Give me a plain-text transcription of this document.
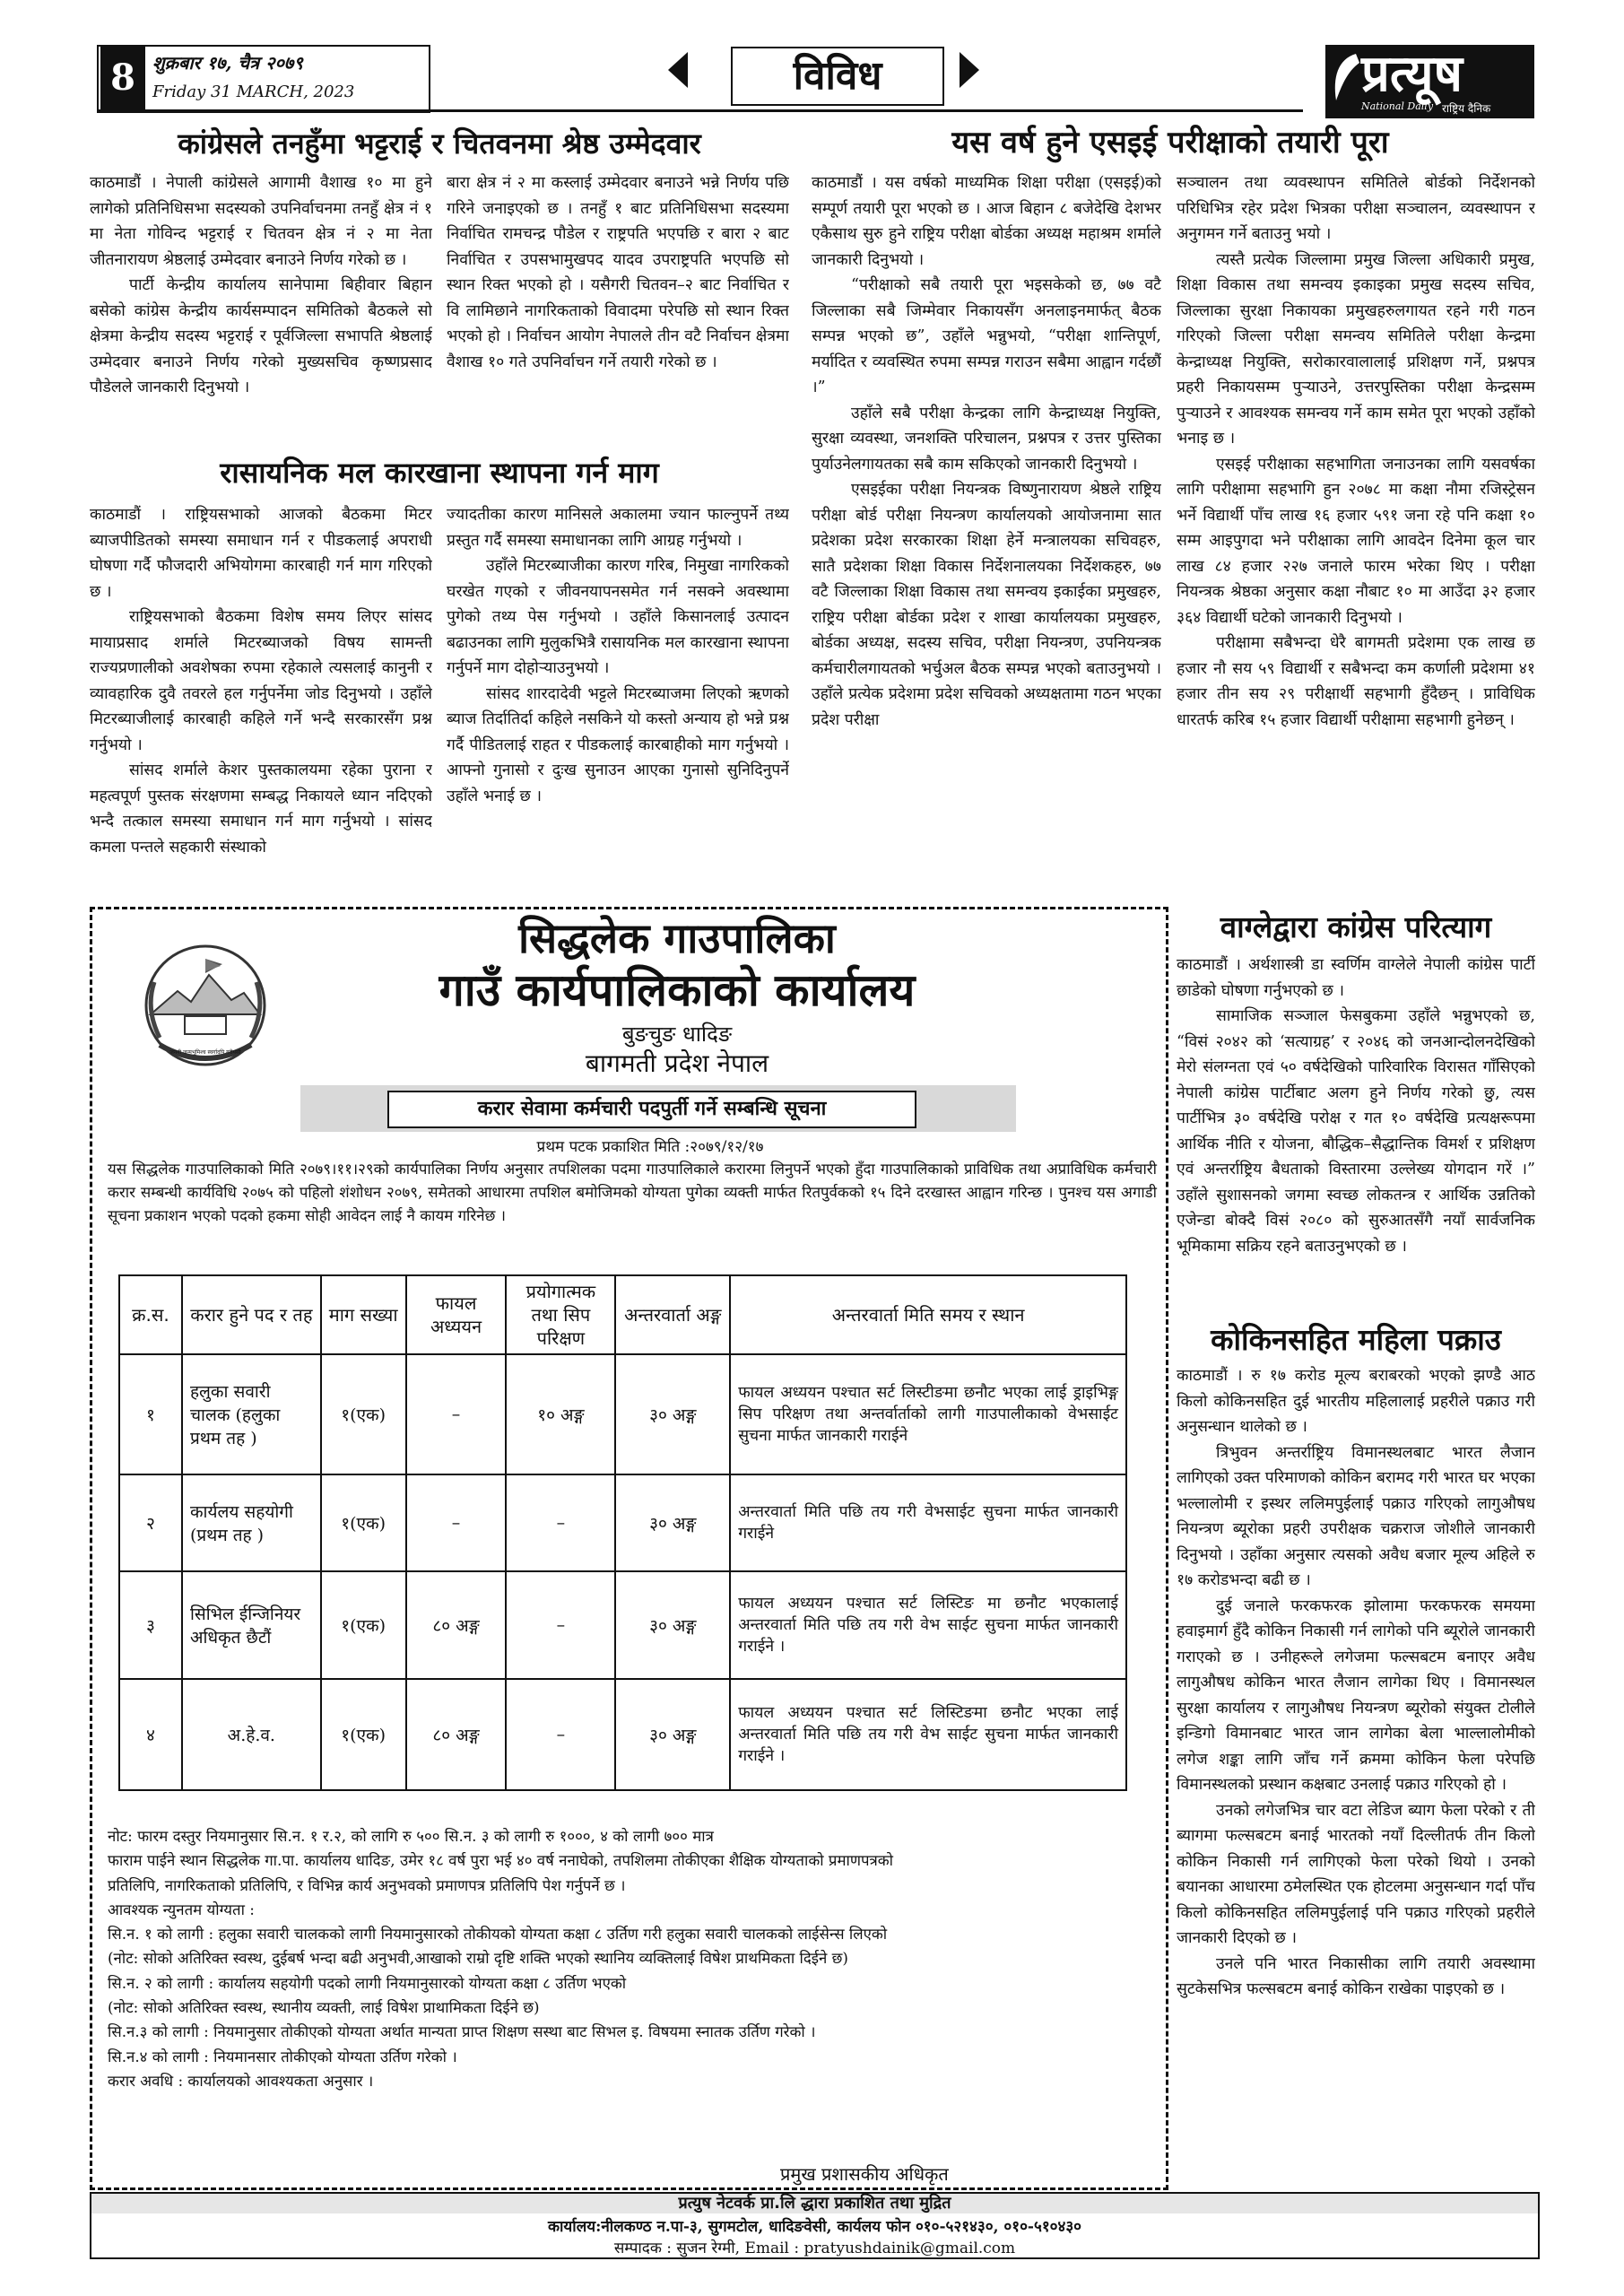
8 शुक्रबार १७, चैत्र २०७९
Friday 31 MARCH, 2023	विविध	प्रत्यूष
National Daily राष्ट्रिय दैनिक
कांग्रेसले तनहुँमा भट्टराई र चितवनमा श्रेष्ठ उम्मेदवार

काठमाडौं । नेपाली कांग्रेसले आगामी वैशाख १० मा हुने लागेको प्रतिनिधिसभा सदस्यको उपनिर्वाचनमा तनहुँ क्षेत्र नं १ मा नेता गोविन्द भट्टराई र चितवन क्षेत्र नं २ मा नेता जीतनारायण श्रेष्ठलाई उम्मेदवार बनाउने निर्णय गरेको छ ।

पार्टी केन्द्रीय कार्यालय सानेपामा बिहीवार बिहान बसेको कांग्रेस केन्द्रीय कार्यसम्पादन समितिको बैठकले सो क्षेत्रमा केन्द्रीय सदस्य भट्टराई र पूर्वजिल्ला सभापति श्रेष्ठलाई उम्मेदवार बनाउने निर्णय गरेको मुख्यसचिव कृष्णप्रसाद पौडेलले जानकारी दिनुभयो ।

बारा क्षेत्र नं २ मा कस्लाई उम्मेदवार बनाउने भन्ने निर्णय पछि गरिने जनाइएको छ । तनहुँ १ बाट प्रतिनिधिसभा सदस्यमा निर्वाचित रामचन्द्र पौडेल र राष्ट्रपति भएपछि र बारा २ बाट निर्वाचित र उपसभामुखपद यादव उपराष्ट्रपति भएपछि सो स्थान रिक्त भएको हो । यसैगरी चितवन–२ बाट निर्वाचित र वि लामिछाने नागरिकताको विवादमा परेपछि सो स्थान रिक्त भएको हो । निर्वाचन आयोग नेपालले तीन वटै निर्वाचन क्षेत्रमा वैशाख १० गते उपनिर्वाचन गर्ने तयारी गरेको छ ।

रासायनिक मल कारखाना स्थापना गर्न माग

काठमाडौं । राष्ट्रियसभाको आजको बैठकमा मिटर ब्याजपीडितको समस्या समाधान गर्न र पीडकलाई अपराधी घोषणा गर्दै फौजदारी अभियोगमा कारबाही गर्न माग गरिएको छ ।

राष्ट्रियसभाको बैठकमा विशेष समय लिएर सांसद मायाप्रसाद शर्माले मिटरब्याजको विषय सामन्ती राज्यप्रणालीको अवशेषका रुपमा रहेकाले त्यसलाई कानुनी र व्यावहारिक दुवै तवरले हल गर्नुपर्नेमा जोड दिनुभयो । उहाँले मिटरब्याजीलाई कारबाही कहिले गर्ने भन्दै सरकारसँग प्रश्न गर्नुभयो ।

सांसद शर्माले केशर पुस्तकालयमा रहेका पुराना र महत्वपूर्ण पुस्तक संरक्षणमा सम्बद्ध निकायले ध्यान नदिएको भन्दै तत्काल समस्या समाधान गर्न माग गर्नुभयो । सांसद कमला पन्तले सहकारी संस्थाको

ज्यादतीका कारण मानिसले अकालमा ज्यान फाल्नुपर्ने तथ्य प्रस्तुत गर्दै समस्या समाधानका लागि आग्रह गर्नुभयो ।

उहाँले मिटरब्याजीका कारण गरिब, निमुखा नागरिकको घरखेत गएको र जीवनयापनसमेत गर्न नसक्ने अवस्थामा पुगेको तथ्य पेस गर्नुभयो । उहाँले किसानलाई उत्पादन बढाउनका लागि मुलुकभित्रै रासायनिक मल कारखाना स्थापना गर्नुपर्ने माग दोहोर्‍याउनुभयो ।

सांसद शारदादेवी भट्टले मिटरब्याजमा लिएको ऋणको ब्याज तिर्दातिर्दा कहिले नसकिने यो कस्तो अन्याय हो भन्ने प्रश्न गर्दै पीडितलाई राहत र पीडकलाई कारबाहीको माग गर्नुभयो । आफ्नो गुनासो र दुःख सुनाउन आएका गुनासो सुनिदिनुपर्ने उहाँले भनाई छ ।

यस वर्ष हुने एसइई परीक्षाको तयारी पूरा

काठमाडौं । यस वर्षको माध्यमिक शिक्षा परीक्षा (एसइई)को सम्पूर्ण तयारी पूरा भएको छ । आज बिहान ८ बजेदेखि देशभर एकैसाथ सुरु हुने राष्ट्रिय परीक्षा बोर्डका अध्यक्ष महाश्रम शर्माले जानकारी दिनुभयो ।

“परीक्षाको सबै तयारी पूरा भइसकेको छ, ७७ वटै जिल्लाका सबै जिम्मेवार निकायसँग अनलाइनमार्फत् बैठक सम्पन्न भएको छ”, उहाँले भन्नुभयो, “परीक्षा शान्तिपूर्ण, मर्यादित र व्यवस्थित रुपमा सम्पन्न गराउन सबैमा आह्वान गर्दछौं ।”

उहाँले सबै परीक्षा केन्द्रका लागि केन्द्राध्यक्ष नियुक्ति, सुरक्षा व्यवस्था, जनशक्ति परिचालन, प्रश्नपत्र र उत्तर पुस्तिका पुर्याउनेलगायतका सबै काम सकिएको जानकारी दिनुभयो ।

एसइईका परीक्षा नियन्त्रक विष्णुनारायण श्रेष्ठले राष्ट्रिय परीक्षा बोर्ड परीक्षा नियन्त्रण कार्यालयको आयोजनामा सात प्रदेशका प्रदेश सरकारका शिक्षा हेर्ने मन्त्रालयका सचिवहरु, सातै प्रदेशका शिक्षा विकास निर्देशनालयका निर्देशकहरु, ७७ वटै जिल्लाका शिक्षा विकास तथा समन्वय इकाईका प्रमुखहरु, राष्ट्रिय परीक्षा बोर्डका प्रदेश र शाखा कार्यालयका प्रमुखहरु, बोर्डका अध्यक्ष, सदस्य सचिव, परीक्षा नियन्त्रण, उपनियन्त्रक कर्मचारीलगायतको भर्चुअल बैठक सम्पन्न भएको बताउनुभयो । उहाँले प्रत्येक प्रदेशमा प्रदेश सचिवको अध्यक्षतामा गठन भएका प्रदेश परीक्षा

सञ्चालन तथा व्यवस्थापन समितिले बोर्डको निर्देशनको परिधिभित्र रहेर प्रदेश भित्रका परीक्षा सञ्चालन, व्यवस्थापन र अनुगमन गर्ने बताउनु भयो ।

त्यस्तै प्रत्येक जिल्लामा प्रमुख जिल्ला अधिकारी प्रमुख, शिक्षा विकास तथा समन्वय इकाइका प्रमुख सदस्य सचिव, जिल्लाका सुरक्षा निकायका प्रमुखहरुलगायत रहने गरी गठन गरिएको जिल्ला परीक्षा समन्वय समितिले परीक्षा केन्द्रमा केन्द्राध्यक्ष नियुक्ति, सरोकारवालालाई प्रशिक्षण गर्ने, प्रश्नपत्र प्रहरी निकायसम्म पुऱ्याउने, उत्तरपुस्तिका परीक्षा केन्द्रसम्म पुऱ्याउने र आवश्यक समन्वय गर्ने काम समेत पूरा भएको उहाँको भनाइ छ ।

एसइई परीक्षाका सहभागिता जनाउनका लागि यसवर्षका लागि परीक्षामा सहभागि हुन २०७८ मा कक्षा नौमा रजिस्ट्रेसन भर्ने विद्यार्थी पाँच लाख १६ हजार ५९१ जना रहे पनि कक्षा १० सम्म आइपुगदा भने परीक्षाका लागि आवदेन दिनेमा कूल चार लाख ८४ हजार २२७ जनाले फारम भरेका थिए । परीक्षा नियन्त्रक श्रेष्ठका अनुसार कक्षा नौबाट १० मा आउँदा ३२ हजार ३६४ विद्यार्थी घटेको जानकारी दिनुभयो ।

परीक्षामा सबैभन्दा धेरै बागमती प्रदेशमा एक लाख छ हजार नौ सय ५९ विद्यार्थी र सबैभन्दा कम कर्णाली प्रदेशमा ४१ हजार तीन सय २९ परीक्षार्थी सहभागी हुँदैछन् । प्राविधिक धारतर्फ करिब १५ हजार विद्यार्थी परीक्षामा सहभागी हुनेछन् ।

वाग्लेद्वारा कांग्रेस परित्याग

काठमाडौं । अर्थशास्त्री डा स्वर्णिम वाग्लेले नेपाली कांग्रेस पार्टी छाडेको घोषणा गर्नुभएको छ ।

सामाजिक सञ्जाल फेसबुकमा उहाँले भन्नुभएको छ, “विसं २०४२ को ‘सत्याग्रह’ र २०४६ को जनआन्दोलनदेखिको मेरो संलग्नता एवं ५० वर्षदेखिको पारिवारिक विरासत गाँसिएको नेपाली कांग्रेस पार्टीबाट अलग हुने निर्णय गरेको छु, त्यस पार्टीभित्र ३० वर्षदेखि परोक्ष र गत १० वर्षदेखि प्रत्यक्षरूपमा आर्थिक नीति र योजना, बौद्धिक–सैद्धान्तिक विमर्श र प्रशिक्षण एवं अन्तर्राष्ट्रिय बैधताको विस्तारमा उल्लेख्य योगदान गरें ।” उहाँले सुशासनको जगमा स्वच्छ लोकतन्त्र र आर्थिक उन्नतिको एजेन्डा बोक्दै विसं २०८० को सुरुआतसँगै नयाँ सार्वजनिक भूमिकामा सक्रिय रहने बताउनुभएको छ ।

कोकिनसहित महिला पक्राउ

काठमाडौं । रु १७ करोड मूल्य बराबरको भएको झण्डै आठ किलो कोकिनसहित दुई भारतीय महिलालाई प्रहरीले पक्राउ गरी अनुसन्धान थालेको छ ।

त्रिभुवन अन्तर्राष्ट्रिय विमानस्थलबाट भारत लैजान लागिएको उक्त परिमाणको कोकिन बरामद गरी भारत घर भएका भल्लालोमी र इस्थर ललिमपुईलाई पक्राउ गरिएको लागुऔषध नियन्त्रण ब्यूरोका प्रहरी उपरीक्षक चक्रराज जोशीले जानकारी दिनुभयो । उहाँका अनुसार त्यसको अवैध बजार मूल्य अहिले रु १७ करोडभन्दा बढी छ ।

दुई जनाले फरकफरक झोलामा फरकफरक समयमा हवाइमार्ग हुँदै कोकिन निकासी गर्न लागेको पनि ब्यूरोले जानकारी गराएको छ । उनीहरूले लगेजमा फल्सबटम बनाएर अवैध लागुऔषध कोकिन भारत लैजान लागेका थिए । विमानस्थल सुरक्षा कार्यालय र लागुऔषध नियन्त्रण ब्यूरोको संयुक्त टोलीले इन्डिगो विमानबाट भारत जान लागेका बेला भाल्लालोमीको लगेज शङ्का लागि जाँच गर्ने क्रममा कोकिन फेला परेपछि विमानस्थलको प्रस्थान कक्षबाट उनलाई पक्राउ गरिएको हो ।

उनको लगेजभित्र चार वटा लेडिज ब्याग फेला परेको र ती ब्यागमा फल्सबटम बनाई भारतको नयाँ दिल्लीतर्फ तीन किलो कोकिन निकासी गर्न लागिएको फेला परेको थियो । उनको बयानका आधारमा ठमेलस्थित एक होटलमा अनुसन्धान गर्दा पाँच किलो कोकिनसहित ललिमपुईलाई पनि पक्राउ गरिएको प्रहरीले जानकारी दिएको छ ।

उनले पनि भारत निकासीका लागि तयारी अवस्थामा सुटकेसभित्र फल्सबटम बनाई कोकिन राखेका पाइएको छ ।

जननी जन्मभूमिश्च स्वर्गादपि गरीयसी
सिद्धलेक गाउपालिका
गाउँ कार्यपालिकाको कार्यालय
बुङचुङ धादिङ
बागमती प्रदेश नेपाल
करार सेवामा कर्मचारी पदपुर्ती गर्ने सम्बन्धि सूचना
प्रथम पटक प्रकाशित मिति :२०७९/१२/१७
यस सिद्धलेक गाउपालिकाको मिति २०७९।११।२९को कार्यपालिका निर्णय अनुसार तपशिलका पदमा गाउपालिकाले करारमा लिनुपर्ने भएको हुँदा गाउपालिकाको प्राविधिक तथा अप्राविधिक कर्मचारी करार सम्बन्धी कार्यविधि २०७५ को पहिलो शंशोधन २०७९, समेतको आधारमा तपशिल बमोजिमको योग्यता पुगेका व्यक्ती मार्फत रितपुर्वकको १५ दिने दरखास्त आह्वान गरिन्छ । पुनश्च यस अगाडी सूचना प्रकाशन भएको पदको हकमा सोही आवेदन लाई नै कायम गरिनेछ ।
क्र.स.	करार हुने पद र तह	माग सख्या	फायल अध्ययन	प्रयोगात्मक तथा सिप परिक्षण	अन्तरवार्ता अङ्ग	अन्तरवार्ता मिति समय र स्थान
१	हलुका सवारी चालक (हलुका प्रथम तह )	१(एक)	–	१० अङ्ग	३० अङ्ग	फायल अध्ययन पश्चात सर्ट लिस्टीङमा छनौट भएका लाई ड्राइभिङ्ग सिप परिक्षण तथा अन्तर्वार्ताको लागी गाउपालीकाको वेभसाईट सुचना मार्फत जानकारी गराईने
२	कार्यलय सहयोगी (प्रथम तह )	१(एक)	–	–	३० अङ्ग	अन्तरवार्ता मिति पछि तय गरी वेभसाईट सुचना मार्फत जानकारी गराईने
३	सिभिल ईन्जिनियर अधिकृत छैटौं	१(एक)	८० अङ्ग	–	३० अङ्ग	फायल अध्ययन पश्चात सर्ट लिस्टिङ मा छनौट भएकालाई अन्तरवार्ता मिति पछि तय गरी वेभ साईट सुचना मार्फत जानकारी गराईने ।
४	अ.हे.व.	१(एक)	८० अङ्ग	–	३० अङ्ग	फायल अध्ययन पश्चात सर्ट लिस्टिङमा छनौट भएका लाई अन्तरवार्ता मिति पछि तय गरी वेभ साईट सुचना मार्फत जानकारी गराईने ।
नोट: फारम दस्तुर नियमानुसार सि.न. १ र.२, को लागि रु ५०० सि.न. ३ को लागी रु १०००, ४ को लागी ७०० मात्र
फाराम पाईने स्थान सिद्धलेक गा.पा. कार्यालय धादिङ, उमेर १८ वर्ष पुरा भई ४० वर्ष ननाघेको, तपशिलमा तोकीएका शैक्षिक योग्यताको प्रमाणपत्रको
प्रतिलिपि, नागरिकताको प्रतिलिपि, र विभिन्न कार्य अनुभवको प्रमाणपत्र प्रतिलिपि पेश गर्नुपर्ने छ ।
आवश्यक न्युनतम योग्यता :
सि.न. १ को लागी : हलुका सवारी चालकको लागी नियमानुसारको तोकीयको योग्यता कक्षा ८ उर्तिण गरी हलुका सवारी चालकको लाईसेन्स लिएको
(नोट: सोको अतिरिक्त स्वस्थ, दुईबर्ष भन्दा बढी अनुभवी,आखाको राम्रो दृष्टि शक्ति भएको स्थानिय व्यक्तिलाई विषेश प्राथमिकता दिईने छ)
सि.न. २ को लागी : कार्यालय सहयोगी पदको लागी नियमानुसारको योग्यता कक्षा ८ उर्तिण भएको
(नोट: सोको अतिरिक्त स्वस्थ, स्थानीय व्यक्ती, लाई विषेश प्राथामिकता दिईने छ)
सि.न.३ को लागी : नियमानुसार तोकीएको योग्यता अर्थात मान्यता प्राप्त शिक्षण सस्था बाट सिभल इ. विषयमा स्नातक उर्तिण गरेको ।
सि.न.४ को लागी : नियमानसार तोकीएको योग्यता उर्तिण गरेको ।
करार अवधि : कार्यालयको आवश्यकता अनुसार ।
प्रमुख प्रशासकीय अधिकृत
प्रत्युष नेटवर्क प्रा.लि द्धारा प्रकाशित तथा मुद्रित
कार्यालय:नीलकण्ठ न.पा-३, सुगमटोल, धादिङवेसी, कार्यलय फोन ०१०-५२१४३०, ०१०-५१०४३०
सम्पादक : सुजन रेग्मी, Email : pratyushdainik@gmail.com
